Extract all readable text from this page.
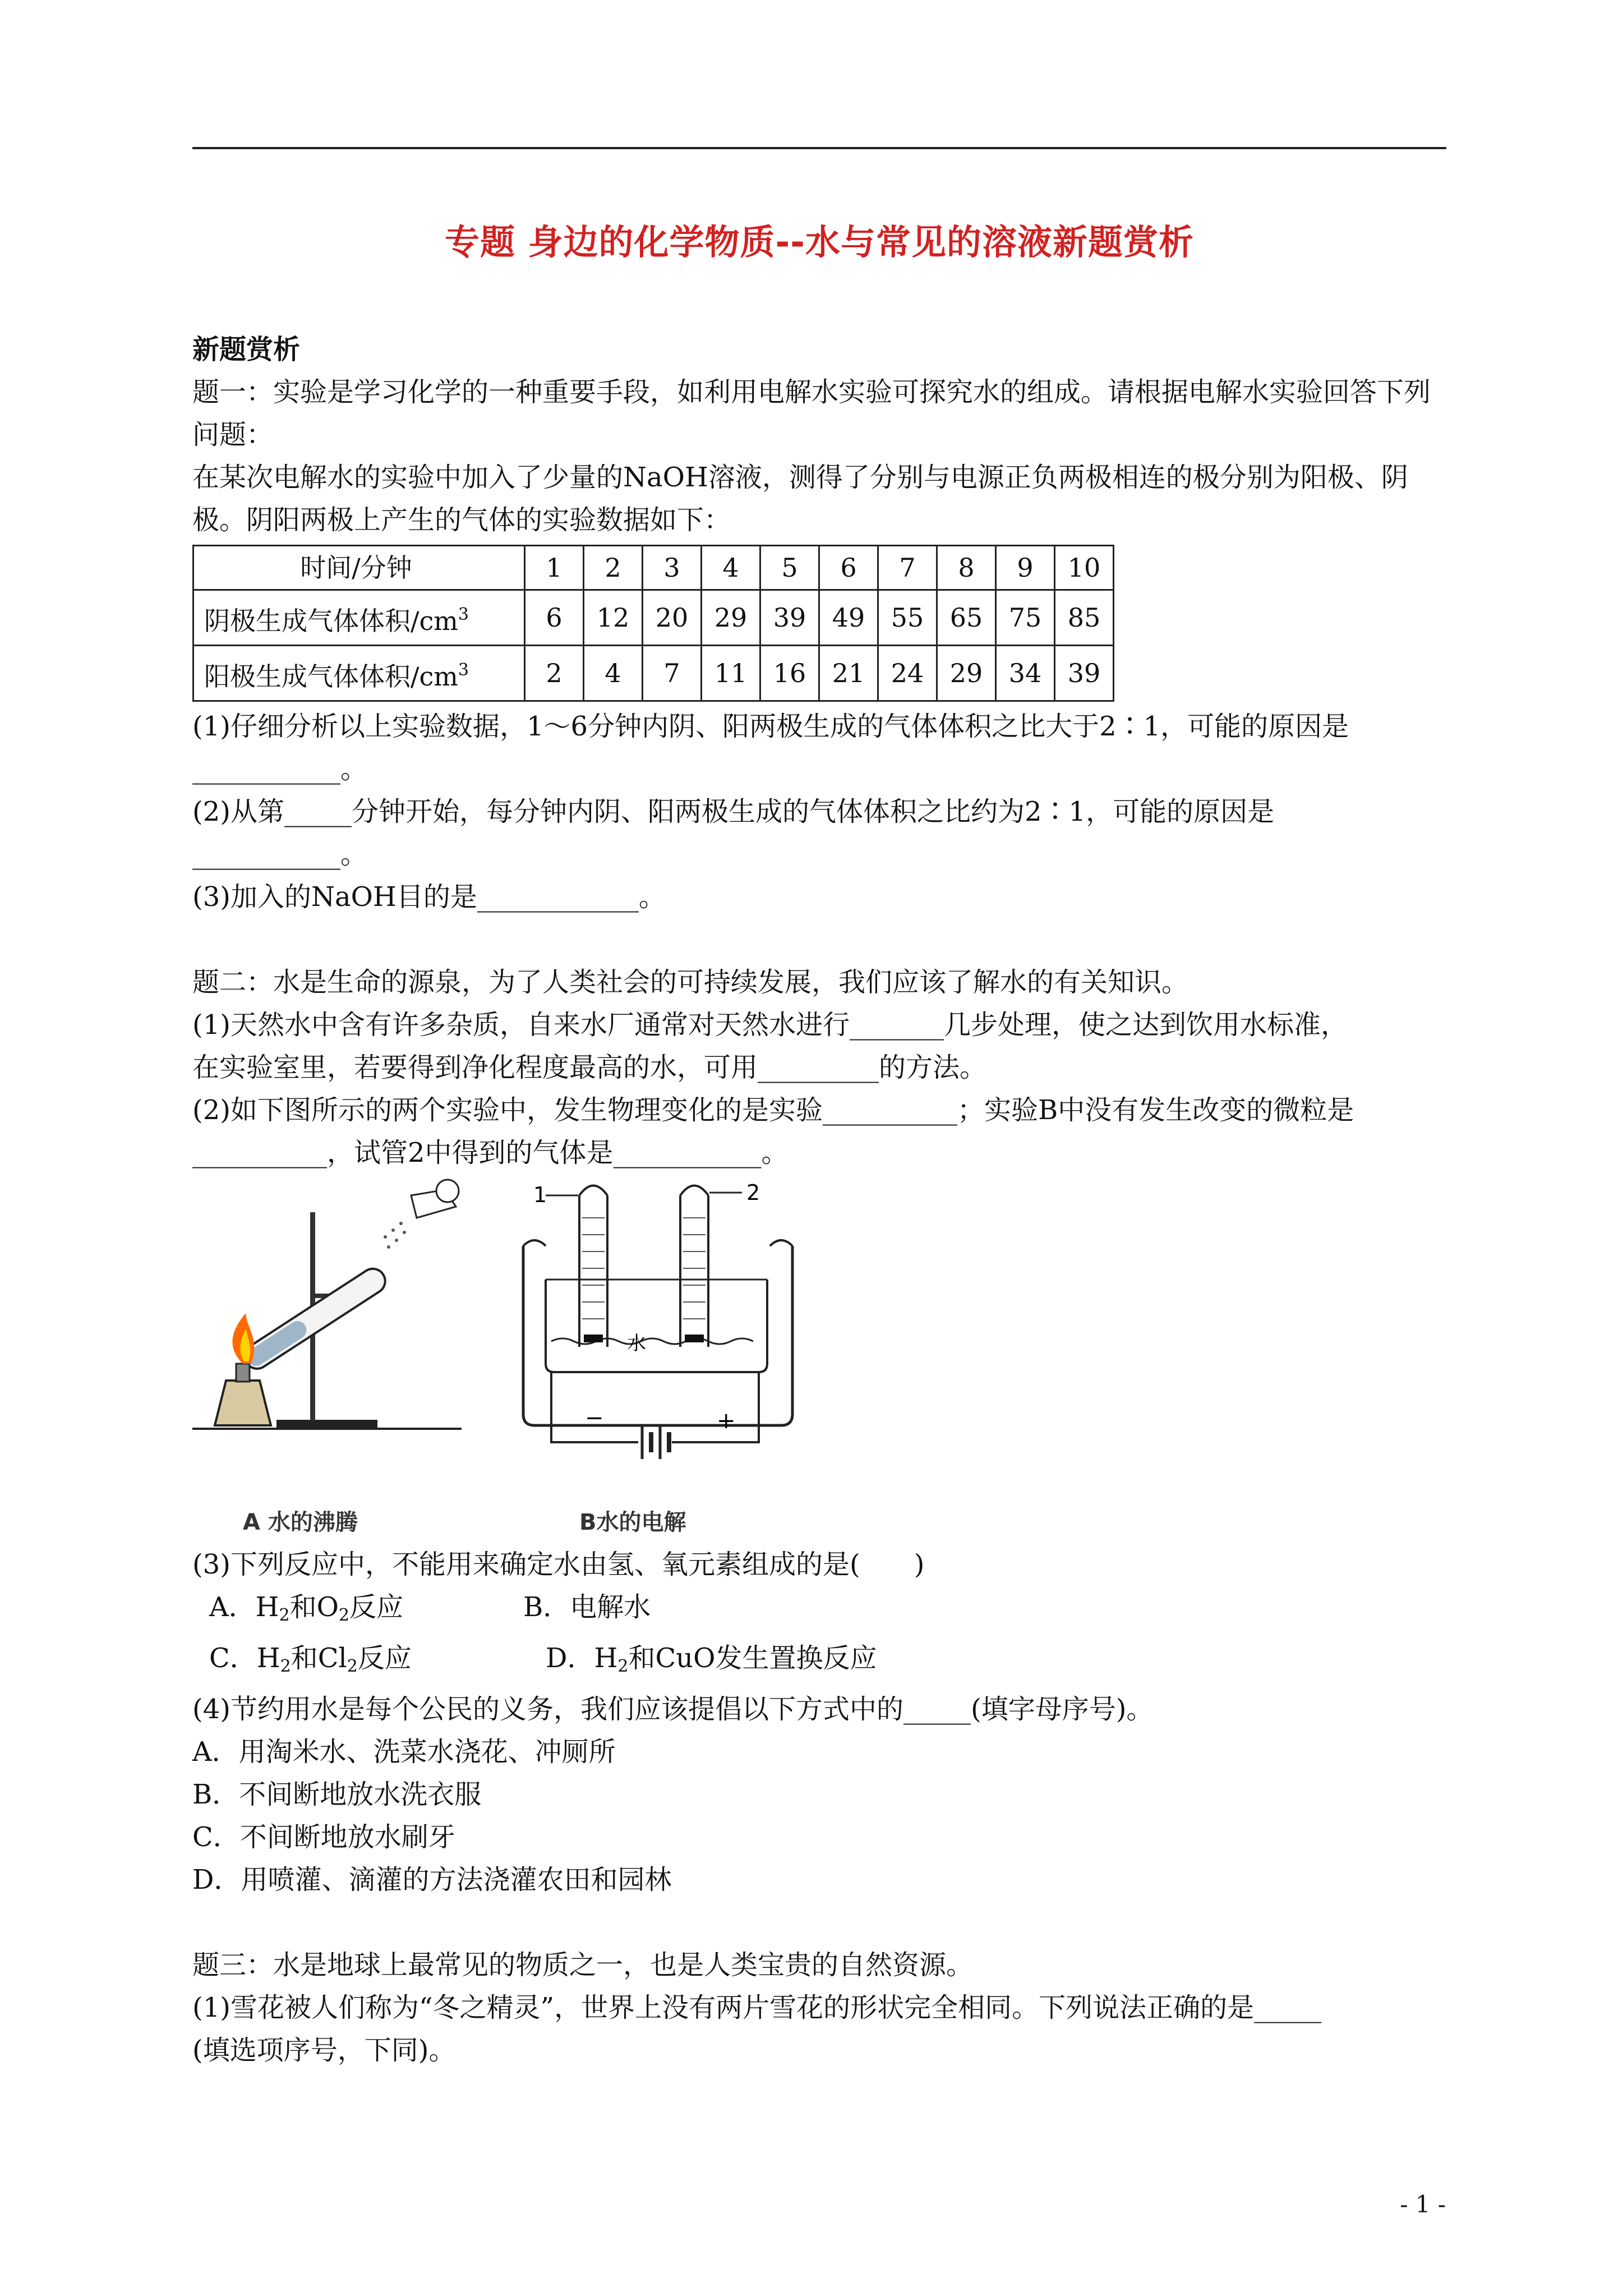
专题 身边的化学物质--水与常见的溶液新题赏析

新题赏析

题一：实验是学习化学的一种重要手段，如利用电解水实验可探究水的组成。请根据电解水实验回答下列问题：

在某次电解水的实验中加入了少量的NaOH溶液，测得了分别与电源正负两极相连的极分别为阳极、阴极。阴阳两极上产生的气体的实验数据如下：

时间/分钟	1	2	3	4	5	6	7	8	9	10
阴极生成气体体积$/cm^3$	6	12	20	29	39	49	55	65	75	85
阳极生成气体体积$/cm^3$	2	4	7	11	16	21	24	29	34	39

(1)仔细分析以上实验数据，1～6分钟内阴、阳两极生成的气体体积之比大于2∶1，可能的原因是

___________。

(2)从第_____分钟开始，每分钟内阴、阳两极生成的气体体积之比约为2∶1，可能的原因是

___________。

(3)加入的NaOH目的是____________。

题二：水是生命的源泉，为了人类社会的可持续发展，我们应该了解水的有关知识。

(1)天然水中含有许多杂质，自来水厂通常对天然水进行_______几步处理，使之达到饮用水标准，

在实验室里，若要得到净化程度最高的水，可用_________的方法。

(2)如下图所示的两个实验中，发生物理变化的是实验__________；实验B中没有发生改变的微粒是

__________，试管2中得到的气体是___________。

1	2
水
−	+
A 水的沸腾	B水的电解

(3)下列反应中，不能用来确定水由氢、氧元素组成的是(　　)

A．$H_2$和$O_2$反应	B．电解水
C．$H_2$和$Cl_2$反应	D．$H_2$和CuO发生置换反应

(4)节约用水是每个公民的义务，我们应该提倡以下方式中的_____(填字母序号)。

A．用淘米水、洗菜水浇花、冲厕所

B．不间断地放水洗衣服

C．不间断地放水刷牙

D．用喷灌、滴灌的方法浇灌农田和园林

题三：水是地球上最常见的物质之一，也是人类宝贵的自然资源。

(1)雪花被人们称为“冬之精灵”，世界上没有两片雪花的形状完全相同。下列说法正确的是_____

(填选项序号，下同)。

- 1 -
